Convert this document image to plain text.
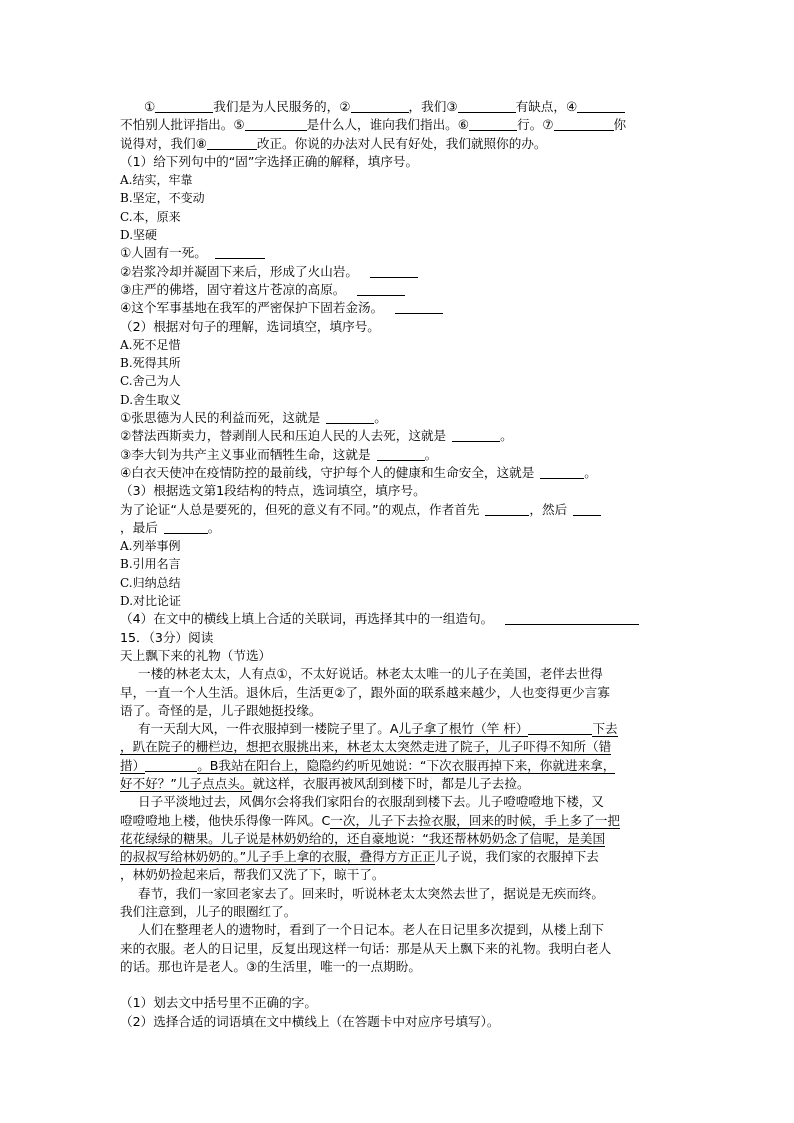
①	我们是为人民服务的，②	，我们③	有缺点，④

不怕别人批评指出。⑤	是什么人，谁向我们指出。⑥	行。⑦	你

说得对，我们⑧	改正。你说的办法对人民有好处，我们就照你的办。

（1）给下列句中的“固”字选择正确的解释，填序号。

A.结实，牢靠

B.坚定，不变动

C.本，原来

D.坚硬

①人固有一死。

②岩浆冷却并凝固下来后，形成了火山岩。

③庄严的佛塔，固守着这片苍凉的高原。

④这个军事基地在我军的严密保护下固若金汤。

（2）根据对句子的理解，选词填空，填序号。

A.死不足惜

B.死得其所

C.舍己为人

D.舍生取义

①张思德为人民的利益而死，这就是	。

②替法西斯卖力，替剥削人民和压迫人民的人去死，这就是	。

③李大钊为共产主义事业而牺牲生命，这就是	。

④白衣天使冲在疫情防控的最前线，守护每个人的健康和生命安全，这就是	。

（3）根据选文第1段结构的特点，选词填空，填序号。

为了论证“人总是要死的，但死的意义有不同。”的观点，作者首先	，然后

，最后	。

A.列举事例

B.引用名言

C.归纳总结

D.对比论证

（4）在文中的横线上填上合适的关联词，再选择其中的一组造句。

15．（3分）阅读

天上飘下来的礼物（节选）

一楼的林老太太，人有点①，不太好说话。林老太太唯一的儿子在美国，老伴去世得

早，一直一个人生活。退休后，生活更②了，跟外面的联系越来越少，人也变得更少言寡

语了。奇怪的是，儿子跟她挺投缘。

有一天刮大风，一件衣服掉到一楼院子里了。A儿子拿了根竹（竿 杆）	下去

，趴在院子的栅栏边，想把衣服挑出来，林老太太突然走进了院子，儿子吓得不知所（错

措）	。B我站在阳台上，隐隐约约听见她说：“下次衣服再掉下来，你就进来拿，

好不好？”儿子点点头。就这样，衣服再被风刮到楼下时，都是儿子去捡。

日子平淡地过去，风偶尔会将我们家阳台的衣服刮到楼下去。儿子噔噔噔地下楼，又

噔噔噔地上楼，他快乐得像一阵风。C一次，儿子下去捡衣服，回来的时候，手上多了一把

花花绿绿的糖果。儿子说是林奶奶给的，还自豪地说：“我还帮林奶奶念了信呢，是美国

的叔叔写给林奶奶的。”儿子手上拿的衣服，叠得方方正正儿子说，我们家的衣服掉下去

，林奶奶捡起来后，帮我们又洗了下，晾干了。

春节，我们一家回老家去了。回来时，听说林老太太突然去世了，据说是无疾而终。

我们注意到，儿子的眼圈红了。

人们在整理老人的遗物时，看到了一个日记本。老人在日记里多次提到，从楼上刮下

来的衣服。老人的日记里，反复出现这样一句话：那是从天上飘下来的礼物。我明白老人

的话。那也许是老人。③的生活里，唯一的一点期盼。

（1）划去文中括号里不正确的字。

（2）选择合适的词语填在文中横线上（在答题卡中对应序号填写）。
